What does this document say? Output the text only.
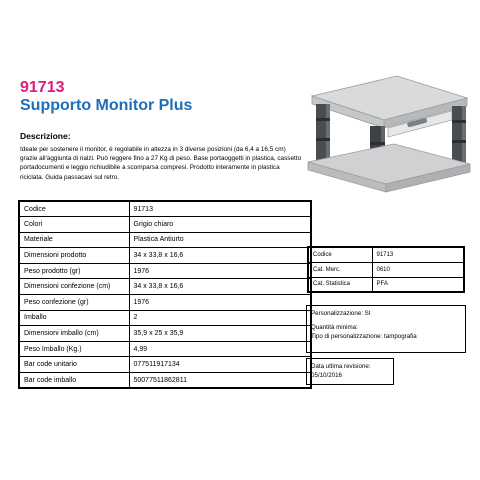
91713
Supporto Monitor Plus
Descrizione:
Ideale per sostenere il monitor, è regolabile in altezza in 3 diverse posizioni (da 6,4 a 16,5 cm) grazie all'aggiunta di rialzi. Può reggere fino a 27 Kg di peso. Base portaoggetti in plastica, cassetto portadocumenti e leggio richiudibile a scomparsa compresi. Prodotto interamente in plastica riciclata. Guida passacavi sul retro.
Codice	91713
Colori	Grigio chiaro
Materiale	Plastica Antiurto
Dimensioni prodotto	34 x 33,8 x 16,6
Peso prodotto (gr)	1976
Dimensioni confezione (cm)	34 x 33,8 x 16,6
Peso confezione (gr)	1976
Imballo	2
Dimensioni imballo (cm)	35,9 x 25 x 35,9
Peso Imballo (Kg.)	4,99
Bar code unitario	077511917134
Bar code imballo	50077511862811
Codice	91713
Cat. Merc.	0610
Cat. Statistica	PFA
Personalizzazione: SI
Quantità minima:
Tipo di personalizzazione: tampografia
Data ultima revisione:
05/10/2016
